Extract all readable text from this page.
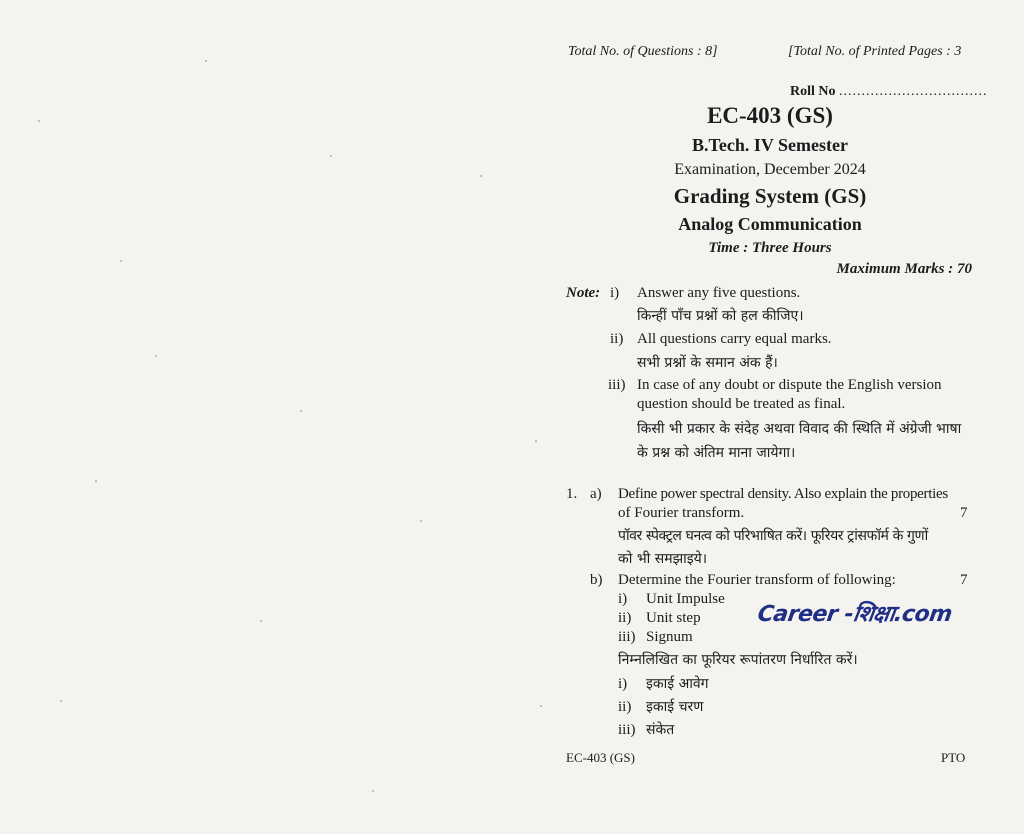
Total No. of Questions : 8]	[Total No. of Printed Pages : 3
Roll No .................................
EC-403 (GS)
B.Tech. IV Semester
Examination, December 2024
Grading System (GS)
Analog Communication
Time : Three Hours
Maximum Marks : 70
Note: i) Answer any five questions.
किन्हीं पाँच प्रश्नों को हल कीजिए।
ii) All questions carry equal marks.
सभी प्रश्नों के समान अंक हैं।
iii) In case of any doubt or dispute the English version
question should be treated as final.
किसी भी प्रकार के संदेह अथवा विवाद की स्थिति में अंग्रेजी भाषा
के प्रश्न को अंतिम माना जायेगा।
1. a) Define power spectral density. Also explain the properties
of Fourier transform.	7
पॉवर स्पेक्ट्रल घनत्व को परिभाषित करें। फूरियर ट्रांसफॉर्म के गुणों
को भी समझाइये।
b) Determine the Fourier transform of following:	7
i) Unit Impulse
ii) Unit step
iii) Signum
Career -शिक्षा.com
निम्नलिखित का फूरियर रूपांतरण निर्धारित करें।
i) इकाई आवेग
ii) इकाई चरण
iii) संकेत
EC-403 (GS)	PTO
